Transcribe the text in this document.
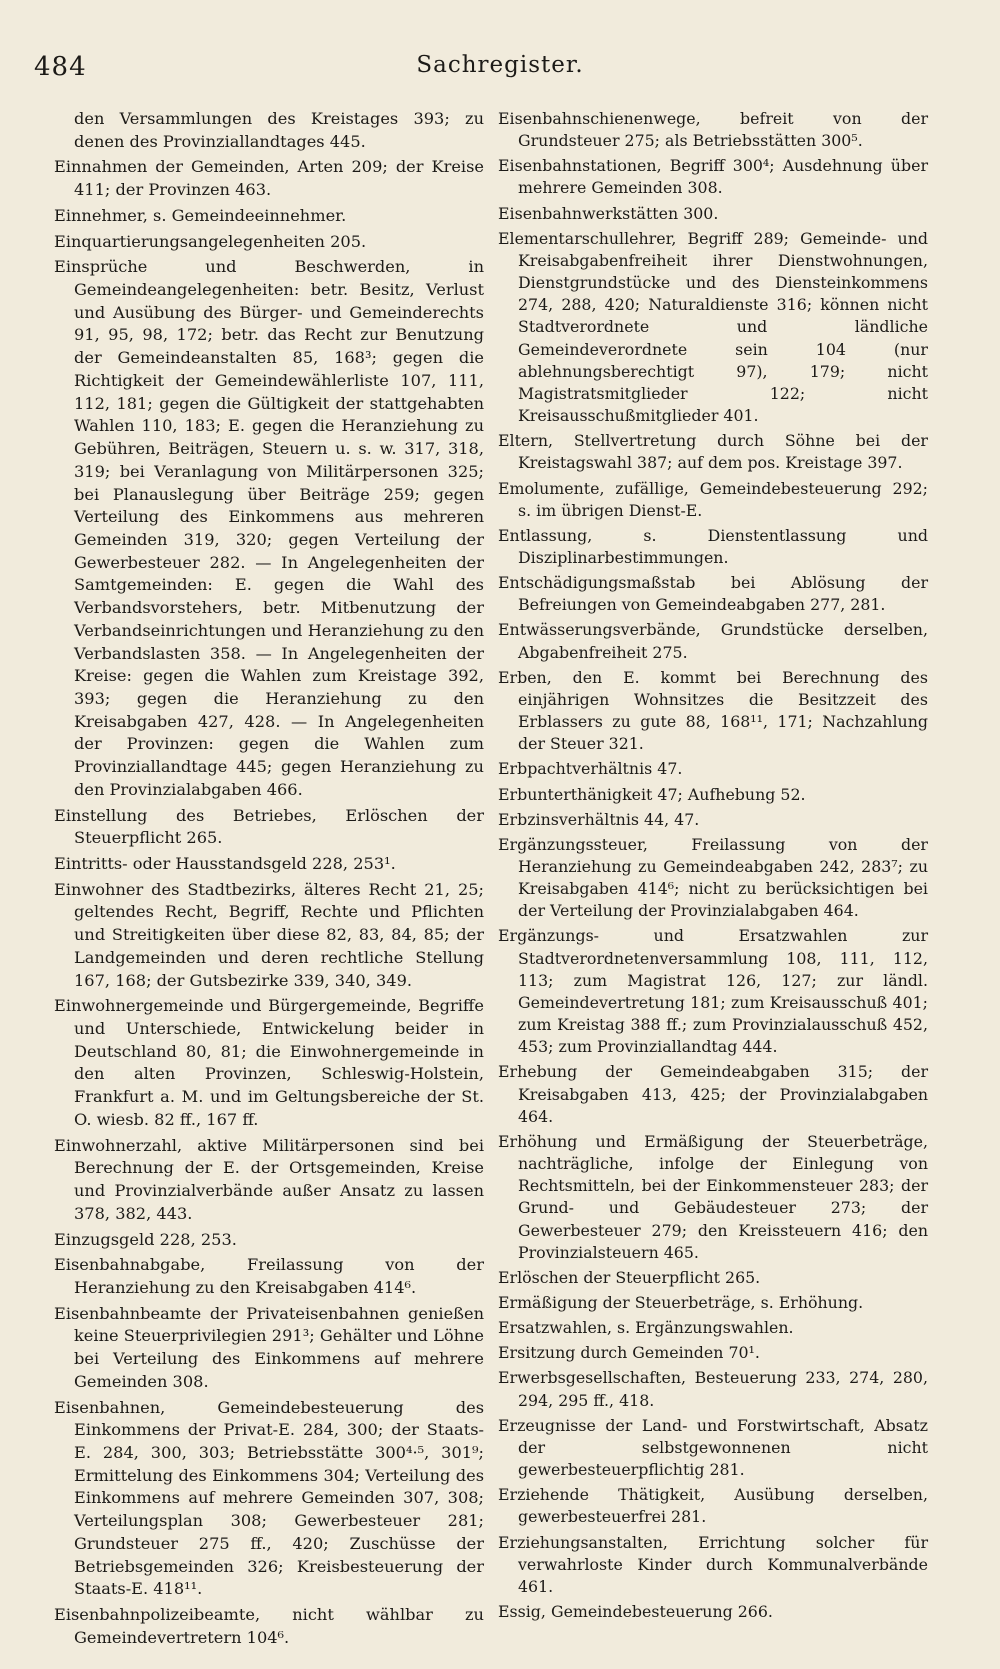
484	Sachregister.

den Versammlungen des Kreistages 393; zu denen des Provinziallandtages 445.

Einnahmen der Gemeinden, Arten 209; der Kreise 411; der Provinzen 463.

Einnehmer, s. Gemeindeeinnehmer.

Einquartierungsangelegenheiten 205.

Einsprüche und Beschwerden, in Gemeindeangelegenheiten: betr. Besitz, Verlust und Ausübung des Bürger- und Gemeinderechts 91, 95, 98, 172; betr. das Recht zur Benutzung der Gemeindeanstalten 85, 168³; gegen die Richtigkeit der Gemeindewählerliste 107, 111, 112, 181; gegen die Gültigkeit der stattgehabten Wahlen 110, 183; E. gegen die Heranziehung zu Gebühren, Beiträgen, Steuern u. s. w. 317, 318, 319; bei Veranlagung von Militärpersonen 325; bei Planauslegung über Beiträge 259; gegen Verteilung des Einkommens aus mehreren Gemeinden 319, 320; gegen Verteilung der Gewerbesteuer 282. — In Angelegenheiten der Samtgemeinden: E. gegen die Wahl des Verbandsvorstehers, betr. Mitbenutzung der Verbandseinrichtungen und Heranziehung zu den Verbandslasten 358. — In Angelegenheiten der Kreise: gegen die Wahlen zum Kreistage 392, 393; gegen die Heranziehung zu den Kreisabgaben 427, 428. — In Angelegenheiten der Provinzen: gegen die Wahlen zum Provinziallandtage 445; gegen Heranziehung zu den Provinzialabgaben 466.

Einstellung des Betriebes, Erlöschen der Steuerpflicht 265.

Eintritts- oder Hausstandsgeld 228, 253¹.

Einwohner des Stadtbezirks, älteres Recht 21, 25; geltendes Recht, Begriff, Rechte und Pflichten und Streitigkeiten über diese 82, 83, 84, 85; der Landgemeinden und deren rechtliche Stellung 167, 168; der Gutsbezirke 339, 340, 349.

Einwohnergemeinde und Bürgergemeinde, Begriffe und Unterschiede, Entwickelung beider in Deutschland 80, 81; die Einwohnergemeinde in den alten Provinzen, Schleswig-Holstein, Frankfurt a. M. und im Geltungsbereiche der St. O. wiesb. 82 ff., 167 ff.

Einwohnerzahl, aktive Militärpersonen sind bei Berechnung der E. der Ortsgemeinden, Kreise und Provinzialverbände außer Ansatz zu lassen 378, 382, 443.

Einzugsgeld 228, 253.

Eisenbahnabgabe, Freilassung von der Heranziehung zu den Kreisabgaben 414⁶.

Eisenbahnbeamte der Privateisenbahnen genießen keine Steuerprivilegien 291³; Gehälter und Löhne bei Verteilung des Einkommens auf mehrere Gemeinden 308.

Eisenbahnen, Gemeindebesteuerung des Einkommens der Privat-E. 284, 300; der Staats-E. 284, 300, 303; Betriebsstätte 300⁴·⁵, 301⁹; Ermittelung des Einkommens 304; Verteilung des Einkommens auf mehrere Gemeinden 307, 308; Verteilungsplan 308; Gewerbesteuer 281; Grundsteuer 275 ff., 420; Zuschüsse der Betriebsgemeinden 326; Kreisbesteuerung der Staats-E. 418¹¹.

Eisenbahnpolizeibeamte, nicht wählbar zu Gemeindevertretern 104⁶.

Eisenbahnschienenwege, befreit von der Grundsteuer 275; als Betriebsstätten 300⁵.

Eisenbahnstationen, Begriff 300⁴; Ausdehnung über mehrere Gemeinden 308.

Eisenbahnwerkstätten 300.

Elementarschullehrer, Begriff 289; Gemeinde- und Kreisabgabenfreiheit ihrer Dienstwohnungen, Dienstgrundstücke und des Diensteinkommens 274, 288, 420; Naturaldienste 316; können nicht Stadtverordnete und ländliche Gemeindeverordnete sein 104 (nur ablehnungsberechtigt 97), 179; nicht Magistratsmitglieder 122; nicht Kreisausschußmitglieder 401.

Eltern, Stellvertretung durch Söhne bei der Kreistagswahl 387; auf dem pos. Kreistage 397.

Emolumente, zufällige, Gemeindebesteuerung 292; s. im übrigen Dienst-E.

Entlassung, s. Dienstentlassung und Disziplinarbestimmungen.

Entschädigungsmaßstab bei Ablösung der Befreiungen von Gemeindeabgaben 277, 281.

Entwässerungsverbände, Grundstücke derselben, Abgabenfreiheit 275.

Erben, den E. kommt bei Berechnung des einjährigen Wohnsitzes die Besitzzeit des Erblassers zu gute 88, 168¹¹, 171; Nachzahlung der Steuer 321.

Erbpachtverhältnis 47.

Erbunterthänigkeit 47; Aufhebung 52.

Erbzinsverhältnis 44, 47.

Ergänzungssteuer, Freilassung von der Heranziehung zu Gemeindeabgaben 242, 283⁷; zu Kreisabgaben 414⁶; nicht zu berücksichtigen bei der Verteilung der Provinzialabgaben 464.

Ergänzungs- und Ersatzwahlen zur Stadtverordnetenversammlung 108, 111, 112, 113; zum Magistrat 126, 127; zur ländl. Gemeindevertretung 181; zum Kreisausschuß 401; zum Kreistag 388 ff.; zum Provinzialausschuß 452, 453; zum Provinziallandtag 444.

Erhebung der Gemeindeabgaben 315; der Kreisabgaben 413, 425; der Provinzialabgaben 464.

Erhöhung und Ermäßigung der Steuerbeträge, nachträgliche, infolge der Einlegung von Rechtsmitteln, bei der Einkommensteuer 283; der Grund- und Gebäudesteuer 273; der Gewerbesteuer 279; den Kreissteuern 416; den Provinzialsteuern 465.

Erlöschen der Steuerpflicht 265.

Ermäßigung der Steuerbeträge, s. Erhöhung.

Ersatzwahlen, s. Ergänzungswahlen.

Ersitzung durch Gemeinden 70¹.

Erwerbsgesellschaften, Besteuerung 233, 274, 280, 294, 295 ff., 418.

Erzeugnisse der Land- und Forstwirtschaft, Absatz der selbstgewonnenen nicht gewerbesteuerpflichtig 281.

Erziehende Thätigkeit, Ausübung derselben, gewerbesteuerfrei 281.

Erziehungsanstalten, Errichtung solcher für verwahrloste Kinder durch Kommunalverbände 461.

Essig, Gemeindebesteuerung 266.
